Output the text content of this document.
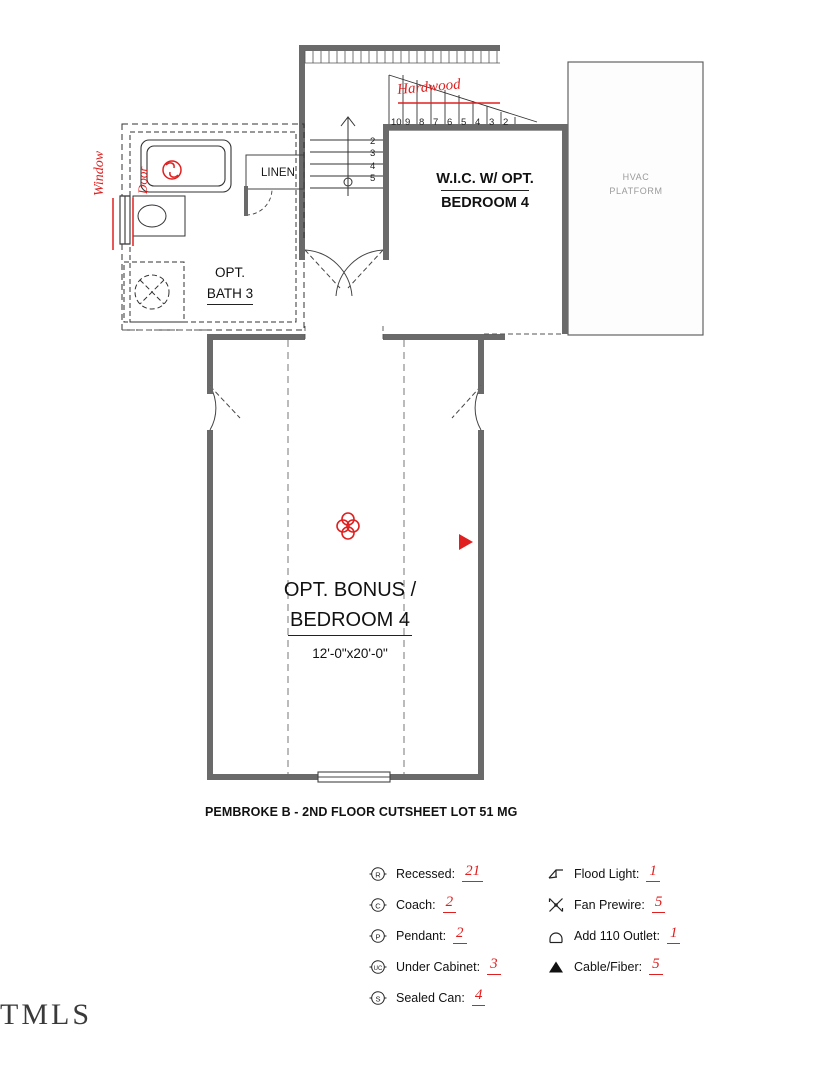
W.I.C. W/ OPT.
BEDROOM 4
HVAC
PLATFORM
LINEN
OPT.
BATH 3
OPT. BONUS /
BEDROOM 4
12'-0"x20'-0"
2
3
4
5
10 9 8 7 6 5 4 3 2
Hardwood
Window Door
PEMBROKE B - 2ND FLOOR CUTSHEET LOT 51 MG
R Recessed: 21
C Coach: 2
P Pendant: 2
UC Under Cabinet: 3
S Sealed Can: 4
Flood Light: 1
Fan Prewire: 5
Add 110 Outlet: 1
Cable/Fiber: 5
TMLS
